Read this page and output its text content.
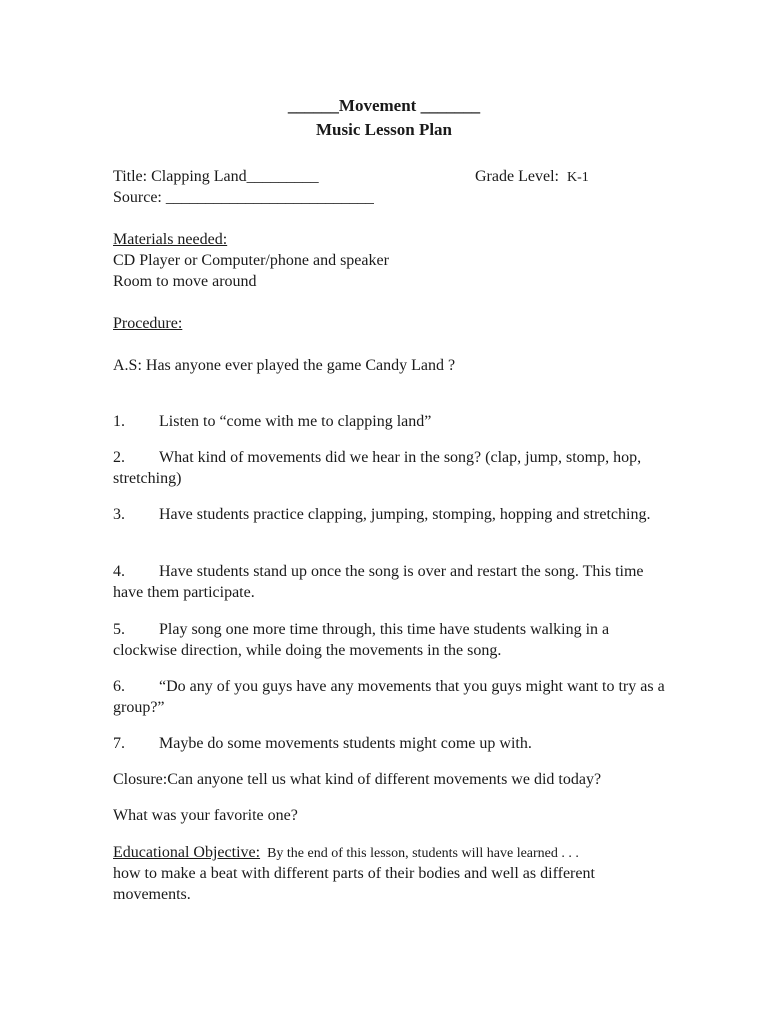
______Movement _______
Music Lesson Plan
Title: Clapping Land_________	Grade Level: K-1
Source: __________________________
Materials needed:
CD Player or Computer/phone and speaker
Room to move around
Procedure:
A.S: Has anyone ever played the game Candy Land ?
1. Listen to “come with me to clapping land”
2. What kind of movements did we hear in the song? (clap, jump, stomp, hop, stretching)
3. Have students practice clapping, jumping, stomping, hopping and stretching.
4. Have students stand up once the song is over and restart the song. This time have them participate.
5. Play song one more time through, this time have students walking in a clockwise direction, while doing the movements in the song.
6. “Do any of you guys have any movements that you guys might want to try as a group?”
7. Maybe do some movements students might come up with.
Closure:Can anyone tell us what kind of different movements we did today?
What was your favorite one?
Educational Objective: By the end of this lesson, students will have learned . . .
how to make a beat with different parts of their bodies and well as different movements.
